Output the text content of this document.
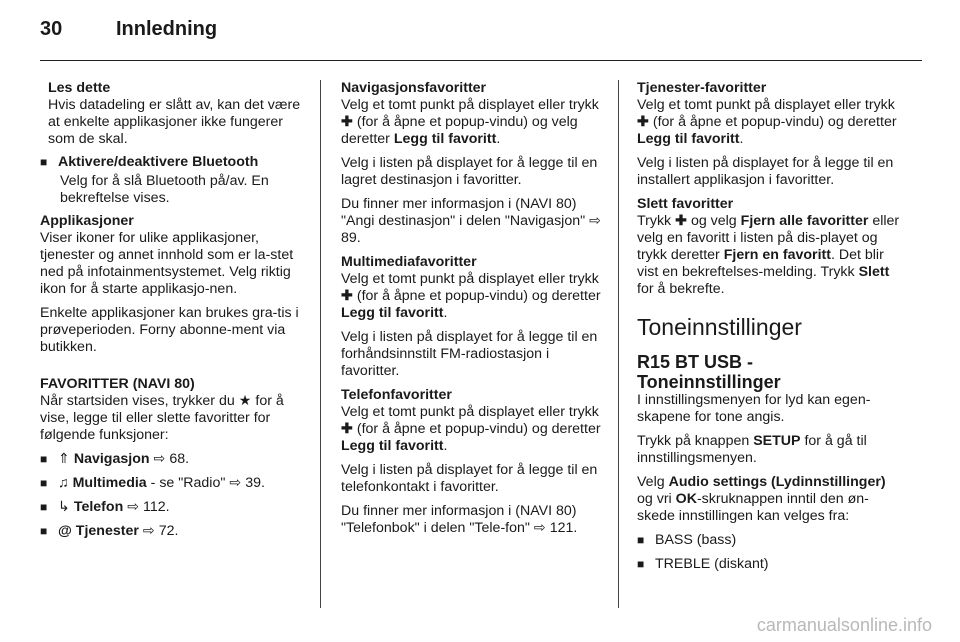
30	Innledning
Les dette
Hvis datadeling er slått av, kan det være at enkelte applikasjoner ikke fungerer som de skal.
■ Aktivere/deaktivere Bluetooth
Velg for å slå Bluetooth på/av. En bekreftelse vises.
Applikasjoner

Viser ikoner for ulike applikasjoner, tjenester og annet innhold som er la-stet ned på infotainmentsystemet. Velg riktig ikon for å starte applikasjo-nen.

Enkelte applikasjoner kan brukes gra-tis i prøveperioden. Forny abonne-ment via butikken.

FAVORITTER (NAVI 80)

Når startsiden vises, trykker du ★ for å vise, legge til eller slette favoritter for følgende funksjoner:

■ ⇑ Navigasjon ⇨ 68.
■ ♫ Multimedia - se "Radio" ⇨ 39.
■ ↳ Telefon ⇨ 112.
■ @ Tjenester ⇨ 72.
Navigasjonsfavoritter

Velg et tomt punkt på displayet eller trykk ✚ (for å åpne et popup-vindu) og velg deretter Legg til favoritt.

Velg i listen på displayet for å legge til en lagret destinasjon i favoritter.

Du finner mer informasjon i (NAVI 80) "Angi destinasjon" i delen "Navigasjon" ⇨ 89.

Multimediafavoritter

Velg et tomt punkt på displayet eller trykk ✚ (for å åpne et popup-vindu) og deretter Legg til favoritt.

Velg i listen på displayet for å legge til en forhåndsinnstilt FM-radiostasjon i favoritter.

Telefonfavoritter

Velg et tomt punkt på displayet eller trykk ✚ (for å åpne et popup-vindu) og deretter Legg til favoritt.

Velg i listen på displayet for å legge til en telefonkontakt i favoritter.

Du finner mer informasjon i (NAVI 80) "Telefonbok" i delen "Tele-fon" ⇨ 121.

Tjenester-favoritter

Velg et tomt punkt på displayet eller trykk ✚ (for å åpne et popup-vindu) og deretter Legg til favoritt.

Velg i listen på displayet for å legge til en installert applikasjon i favoritter.

Slett favoritter

Trykk ✚ og velg Fjern alle favoritter eller velg en favoritt i listen på dis-playet og trykk deretter Fjern en favoritt. Det blir vist en bekreftelses-melding. Trykk Slett for å bekrefte.

Toneinnstillinger
R15 BT USB - Toneinnstillinger

I innstillingsmenyen for lyd kan egen-skapene for tone angis.

Trykk på knappen SETUP for å gå til innstillingsmenyen.

Velg Audio settings (Lydinnstillinger) og vri OK-skruknappen inntil den øn-skede innstillingen kan velges fra:

■ BASS (bass)
■ TREBLE (diskant)
carmanualsonline.info
